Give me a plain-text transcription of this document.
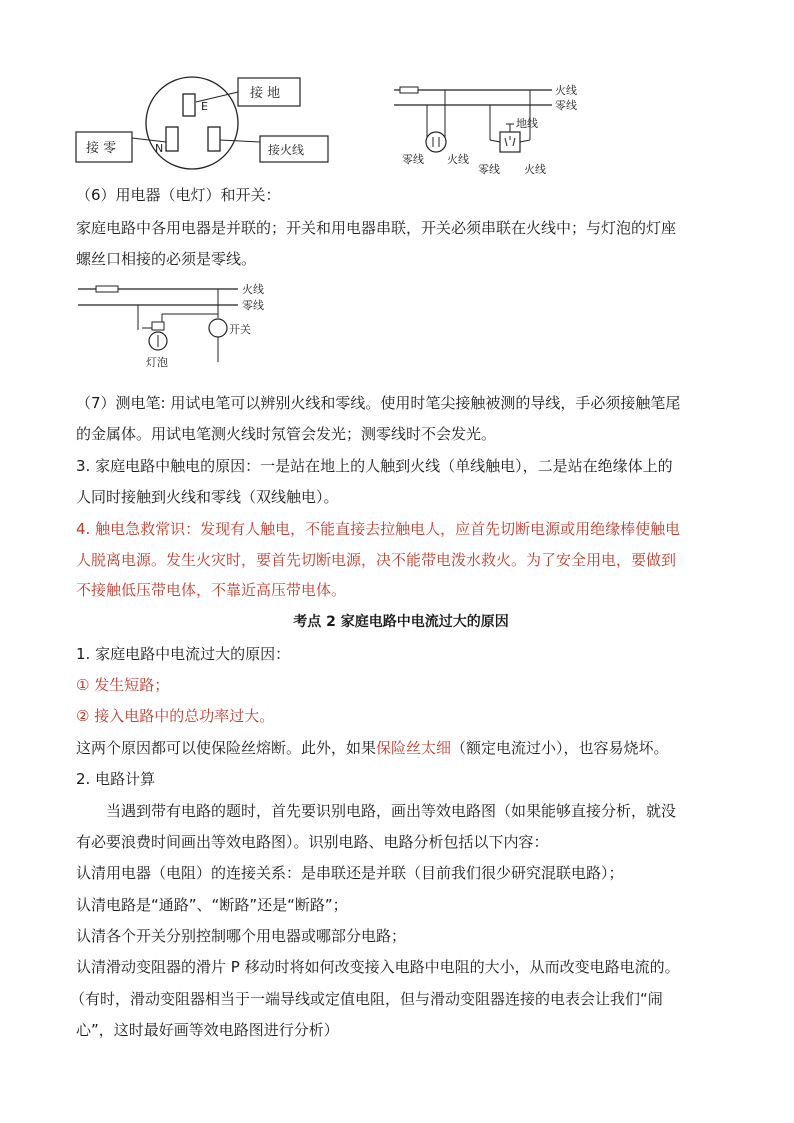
E
N
接 地
接 零	接火线
火线
零线
零线 火线
地线
零线 火线
（6）用电器（电灯）和开关：
家庭电路中各用电器是并联的；开关和用电器串联，开关必须串联在火线中；与灯泡的灯座
螺丝口相接的必须是零线。
火线
零线
灯泡
开关
（7）测电笔: 用试电笔可以辨别火线和零线。使用时笔尖接触被测的导线，手必须接触笔尾
的金属体。用试电笔测火线时氖管会发光；测零线时不会发光。
3. 家庭电路中触电的原因：一是站在地上的人触到火线（单线触电），二是站在绝缘体上的
人同时接触到火线和零线（双线触电）。
4. 触电急救常识：发现有人触电，不能直接去拉触电人，应首先切断电源或用绝缘棒使触电
人脱离电源。发生火灾时，要首先切断电源，决不能带电泼水救火。为了安全用电，要做到
不接触低压带电体，不靠近高压带电体。
考点 2 家庭电路中电流过大的原因
1. 家庭电路中电流过大的原因：
① 发生短路；
② 接入电路中的总功率过大。
这两个原因都可以使保险丝熔断。此外，如果保险丝太细（额定电流过小），也容易烧坏。
2. 电路计算
当遇到带有电路的题时，首先要识别电路，画出等效电路图（如果能够直接分析，就没
有必要浪费时间画出等效电路图）。识别电路、电路分析包括以下内容：
认清用电器（电阻）的连接关系：是串联还是并联（目前我们很少研究混联电路）；
认清电路是“通路”、“断路”还是“断路”；
认清各个开关分别控制哪个用电器或哪部分电路；
认清滑动变阻器的滑片 P 移动时将如何改变接入电路中电阻的大小，从而改变电路电流的。
（有时，滑动变阻器相当于一端导线或定值电阻，但与滑动变阻器连接的电表会让我们“闹
心”，这时最好画等效电路图进行分析）
